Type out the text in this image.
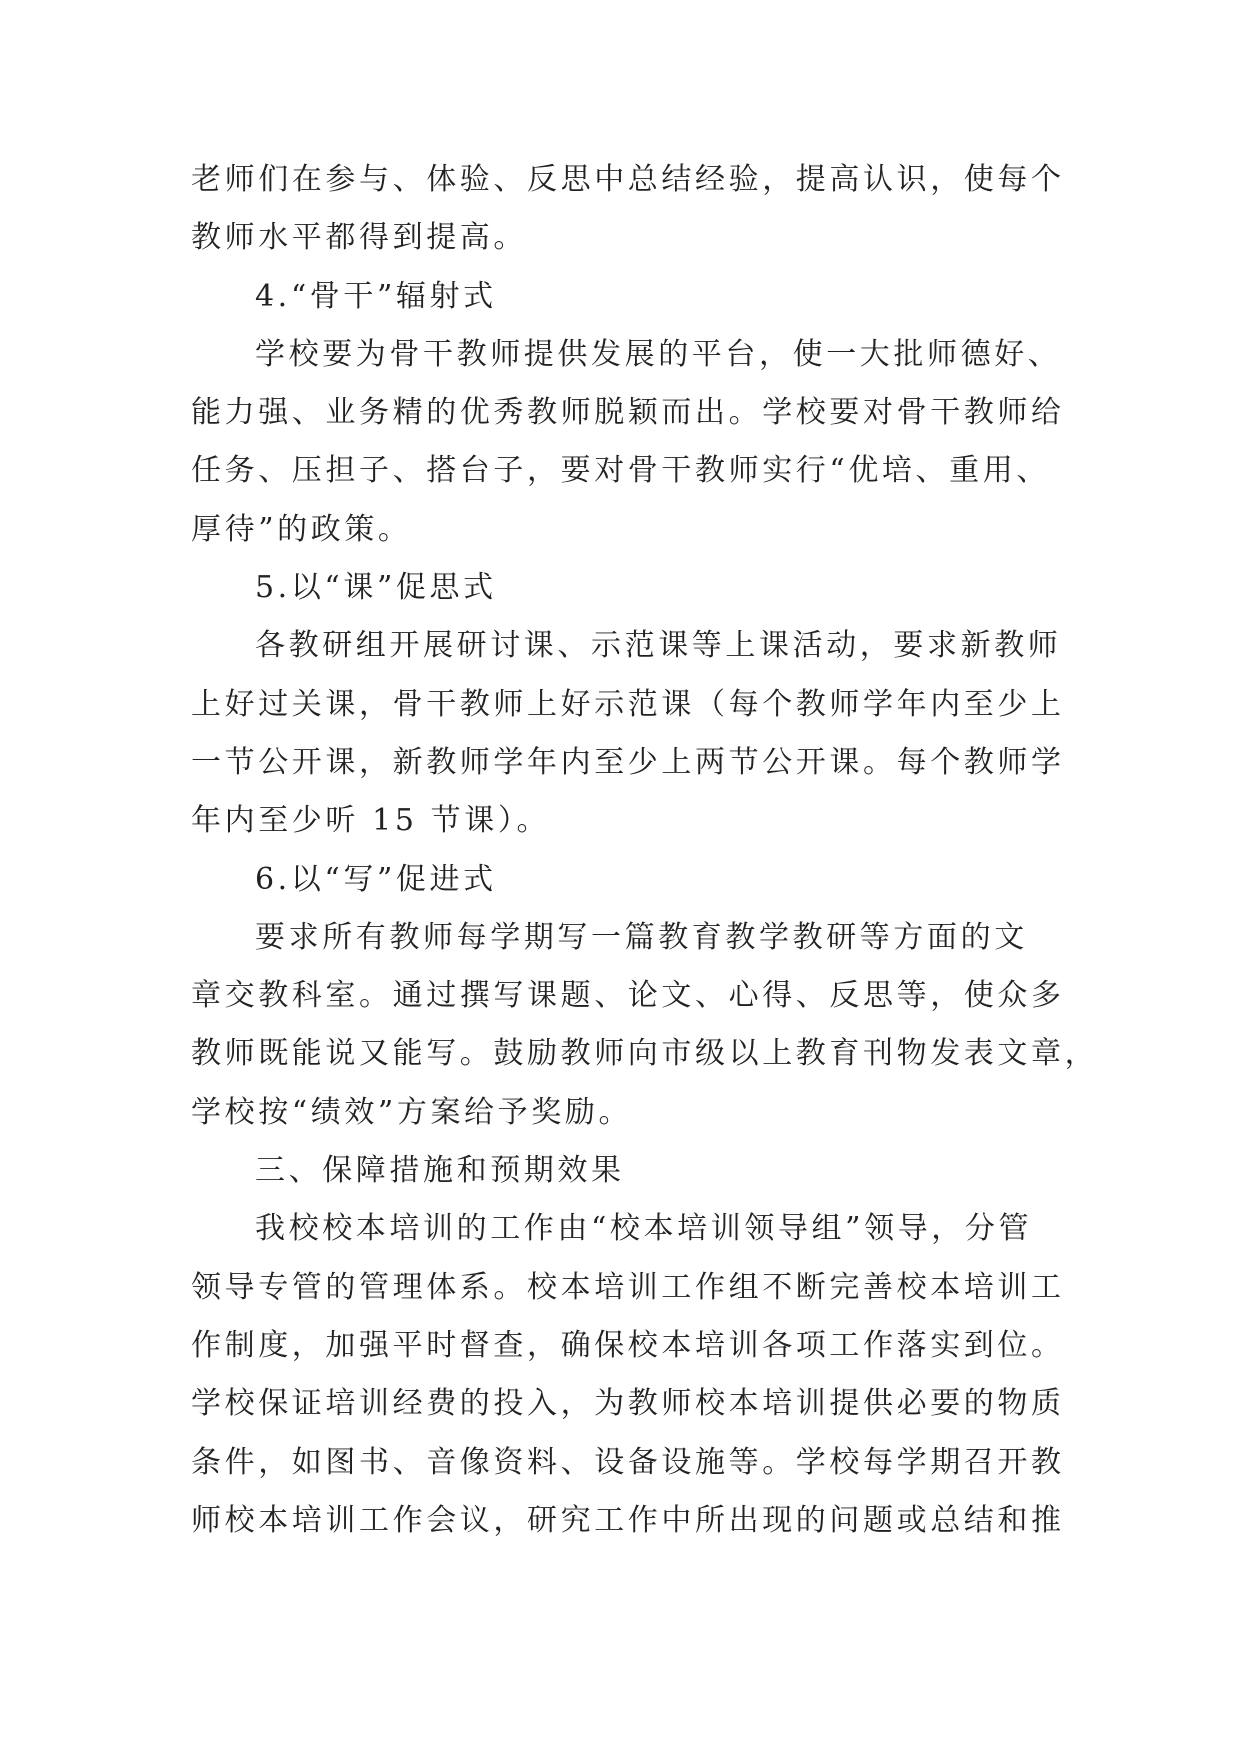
老师们在参与、体验、反思中总结经验，提高认识，使每个
教师水平都得到提高。
4.“骨干”辐射式
学校要为骨干教师提供发展的平台，使一大批师德好、
能力强、业务精的优秀教师脱颖而出。学校要对骨干教师给
任务、压担子、搭台子，要对骨干教师实行“优培、重用、
厚待”的政策。
5.以“课”促思式
各教研组开展研讨课、示范课等上课活动，要求新教师
上好过关课，骨干教师上好示范课（每个教师学年内至少上
一节公开课，新教师学年内至少上两节公开课。每个教师学
年内至少听 15 节课）。
6.以“写”促进式
要求所有教师每学期写一篇教育教学教研等方面的文
章交教科室。通过撰写课题、论文、心得、反思等，使众多
教师既能说又能写。鼓励教师向市级以上教育刊物发表文章，
学校按“绩效”方案给予奖励。
三、保障措施和预期效果
我校校本培训的工作由“校本培训领导组”领导，分管
领导专管的管理体系。校本培训工作组不断完善校本培训工
作制度，加强平时督查，确保校本培训各项工作落实到位。
学校保证培训经费的投入，为教师校本培训提供必要的物质
条件，如图书、音像资料、设备设施等。学校每学期召开教
师校本培训工作会议，研究工作中所出现的问题或总结和推
